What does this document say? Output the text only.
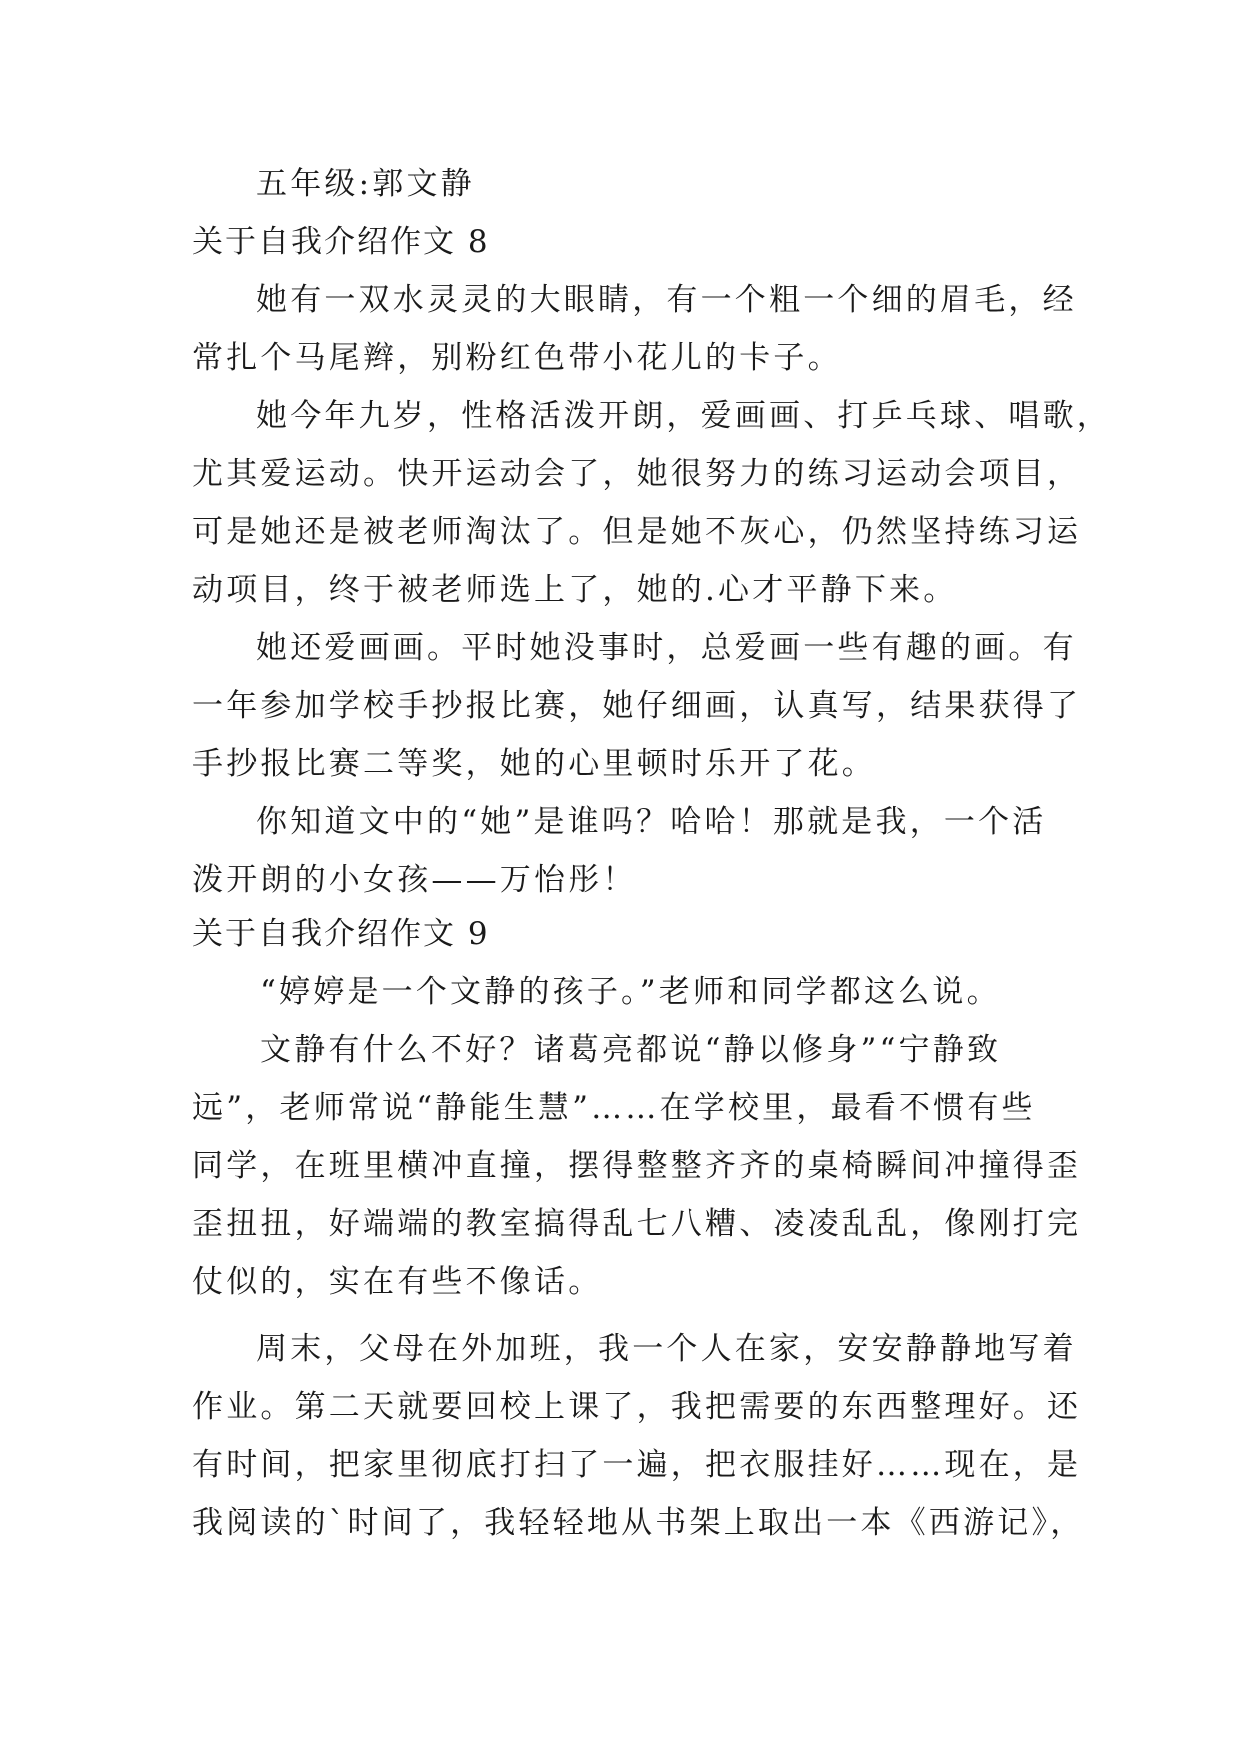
五年级:郭文静
关于自我介绍作文 8
她有一双水灵灵的大眼睛，有一个粗一个细的眉毛，经
常扎个马尾辫，别粉红色带小花儿的卡子。
她今年九岁，性格活泼开朗，爱画画、打乒乓球、唱歌，
尤其爱运动。快开运动会了，她很努力的练习运动会项目，
可是她还是被老师淘汰了。但是她不灰心，仍然坚持练习运
动项目，终于被老师选上了，她的.心才平静下来。
她还爱画画。平时她没事时，总爱画一些有趣的画。有
一年参加学校手抄报比赛，她仔细画，认真写，结果获得了
手抄报比赛二等奖，她的心里顿时乐开了花。
你知道文中的“她”是谁吗？哈哈！那就是我，一个活
泼开朗的小女孩——万怡彤！
关于自我介绍作文 9
“婷婷是一个文静的孩子。”老师和同学都这么说。
文静有什么不好？诸葛亮都说“静以修身”“宁静致
远”，老师常说“静能生慧”……在学校里，最看不惯有些
同学，在班里横冲直撞，摆得整整齐齐的桌椅瞬间冲撞得歪
歪扭扭，好端端的教室搞得乱七八糟、凌凌乱乱，像刚打完
仗似的，实在有些不像话。
周末，父母在外加班，我一个人在家，安安静静地写着
作业。第二天就要回校上课了，我把需要的东西整理好。还
有时间，把家里彻底打扫了一遍，把衣服挂好……现在，是
我阅读的`时间了，我轻轻地从书架上取出一本《西游记》，
